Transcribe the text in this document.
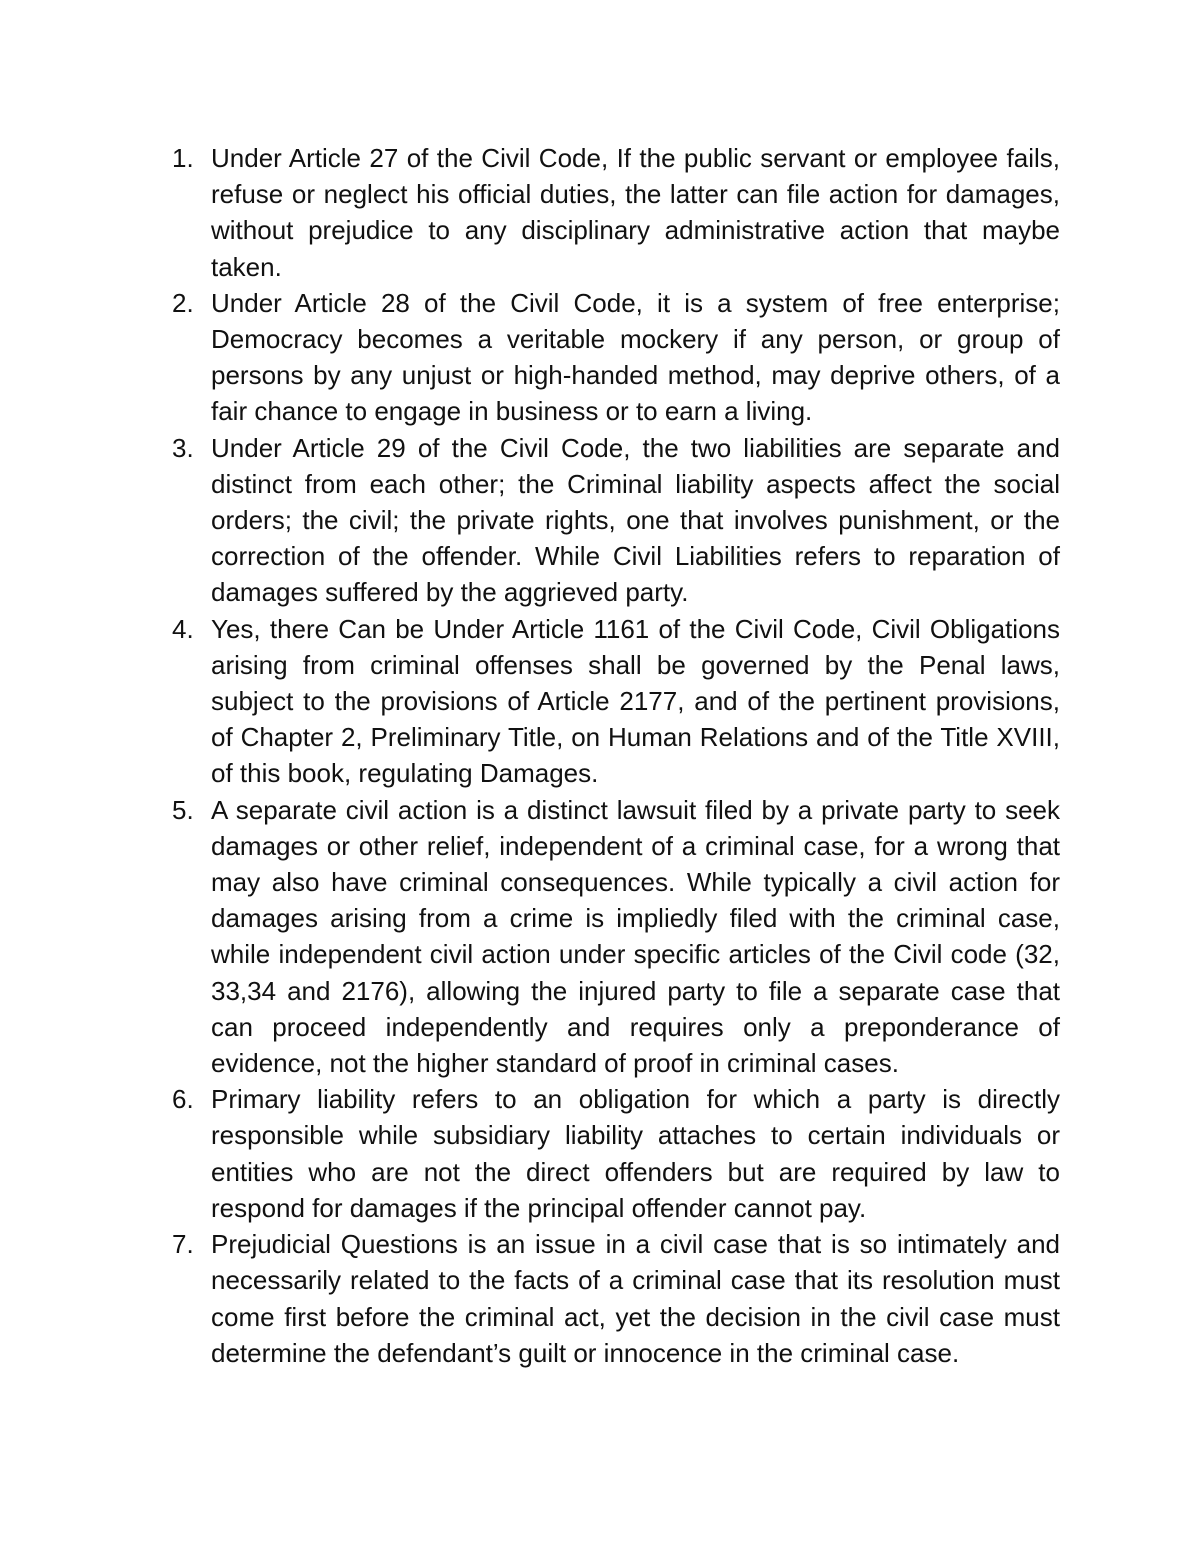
1. Under Article 27 of the Civil Code, If the public servant or employee fails, refuse or neglect his official duties, the latter can file action for damages, without prejudice to any disciplinary administrative action that maybe taken.
2. Under Article 28 of the Civil Code, it is a system of free enterprise; Democracy becomes a veritable mockery if any person, or group of persons by any unjust or high-handed method, may deprive others, of a fair chance to engage in business or to earn a living.
3. Under Article 29 of the Civil Code, the two liabilities are separate and distinct from each other; the Criminal liability aspects affect the social orders; the civil; the private rights, one that involves punishment, or the correction of the offender. While Civil Liabilities refers to reparation of damages suffered by the aggrieved party.
4. Yes, there Can be Under Article 1161 of the Civil Code, Civil Obligations arising from criminal offenses shall be governed by the Penal laws, subject to the provisions of Article 2177, and of the pertinent provisions, of Chapter 2, Preliminary Title, on Human Relations and of the Title XVIII, of this book, regulating Damages.
5. A separate civil action is a distinct lawsuit filed by a private party to seek damages or other relief, independent of a criminal case, for a wrong that may also have criminal consequences. While typically a civil action for damages arising from a crime is impliedly filed with the criminal case, while independent civil action under specific articles of the Civil code (32, 33,34 and 2176), allowing the injured party to file a separate case that can proceed independently and requires only a preponderance of evidence, not the higher standard of proof in criminal cases.
6. Primary liability refers to an obligation for which a party is directly responsible while subsidiary liability attaches to certain individuals or entities who are not the direct offenders but are required by law to respond for damages if the principal offender cannot pay.
7. Prejudicial Questions is an issue in a civil case that is so intimately and necessarily related to the facts of a criminal case that its resolution must come first before the criminal act, yet the decision in the civil case must determine the defendant’s guilt or innocence in the criminal case.
